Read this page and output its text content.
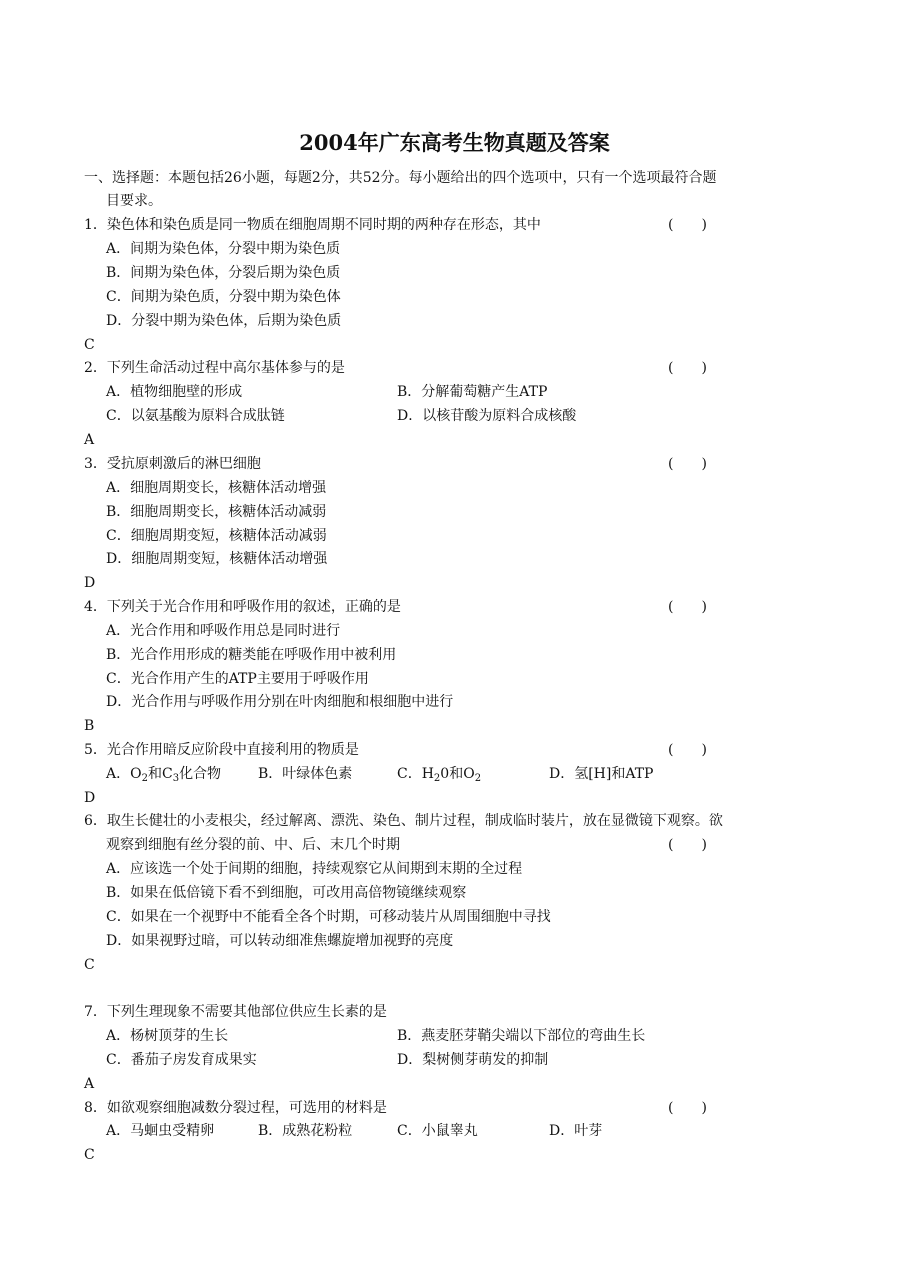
2004年广东高考生物真题及答案
一、选择题：本题包括26小题，每题2分，共52分。每小题给出的四个选项中，只有一个选项最符合题
目要求。
1．染色体和染色质是同一物质在细胞周期不同时期的两种存在形态，其中	(　　)
A．间期为染色体，分裂中期为染色质
B．间期为染色体，分裂后期为染色质
C．间期为染色质，分裂中期为染色体
D．分裂中期为染色体，后期为染色质
C
2．下列生命活动过程中高尔基体参与的是	(　　)
A．植物细胞壁的形成	B．分解葡萄糖产生ATP
C．以氨基酸为原料合成肽链	D．以核苷酸为原料合成核酸
A
3．受抗原刺激后的淋巴细胞	(　　)
A．细胞周期变长，核糖体活动增强
B．细胞周期变长，核糖体活动减弱
C．细胞周期变短，核糖体活动减弱
D．细胞周期变短，核糖体活动增强
D
4．下列关于光合作用和呼吸作用的叙述，正确的是	(　　)
A．光合作用和呼吸作用总是同时进行
B．光合作用形成的糖类能在呼吸作用中被利用
C．光合作用产生的ATP主要用于呼吸作用
D．光合作用与呼吸作用分别在叶肉细胞和根细胞中进行
B
5．光合作用暗反应阶段中直接利用的物质是	(　　)
A．$O_2$和$C_3$化合物	B．叶绿体色素	C．$H_20$和$O_2$	D．氢[H]和ATP
D
6．取生长健壮的小麦根尖，经过解离、漂洗、染色、制片过程，制成临时装片，放在显微镜下观察。欲
观察到细胞有丝分裂的前、中、后、末几个时期	(　　)
A．应该选一个处于间期的细胞，持续观察它从间期到末期的全过程
B．如果在低倍镜下看不到细胞，可改用高倍物镜继续观察
C．如果在一个视野中不能看全各个时期，可移动装片从周围细胞中寻找
D．如果视野过暗，可以转动细准焦螺旋增加视野的亮度
C
7．下列生理现象不需要其他部位供应生长素的是
A．杨树顶芽的生长	B．燕麦胚芽鞘尖端以下部位的弯曲生长
C．番茄子房发育成果实	D．梨树侧芽萌发的抑制
A
8．如欲观察细胞减数分裂过程，可选用的材料是	(　　)
A．马蛔虫受精卵	B．成熟花粉粒	C．小鼠睾丸	D．叶芽
C
